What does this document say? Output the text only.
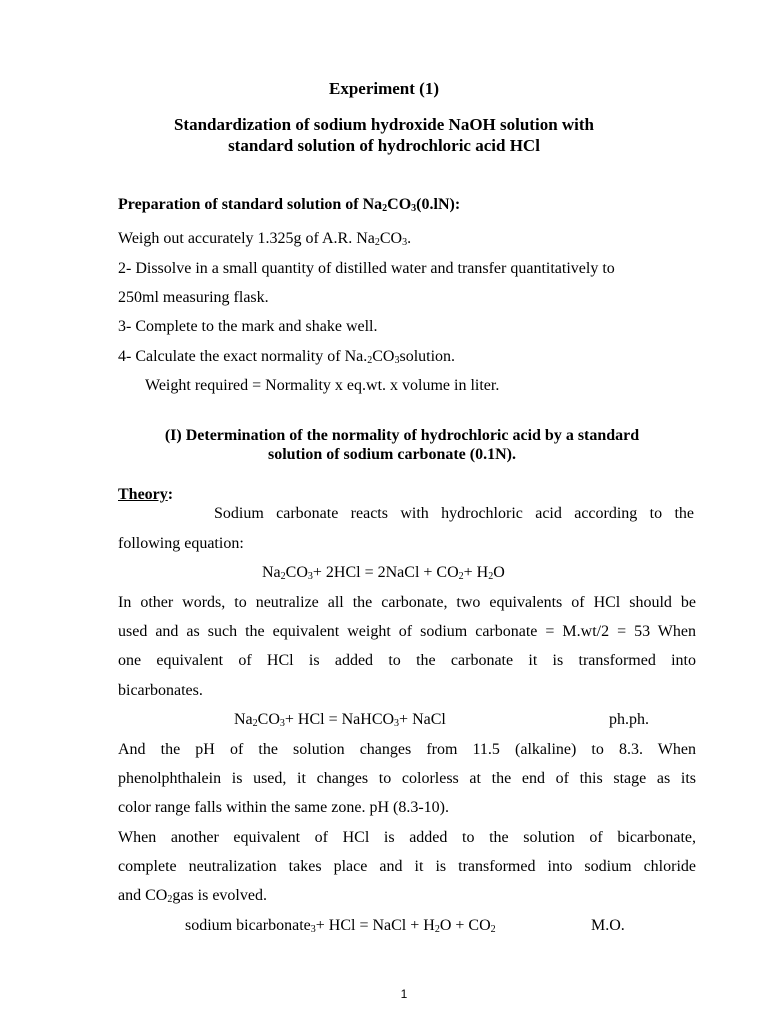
Experiment (1)
Standardization of sodium hydroxide NaOH solution with
standard solution of hydrochloric acid HCl
Preparation of standard solution of $Na_2CO_3(0.lN)$:
Weigh out accurately 1.325g of A.R. $Na_2CO_3$.
2- Dissolve in a small quantity of distilled water and transfer quantitatively to
250ml measuring flask.
3- Complete to the mark and shake well.
4- Calculate the exact normality of $Na._2CO_3solution$.
Weight required = Normality x eq.wt. x volume in liter.
(I) Determination of the normality of hydrochloric acid by a standard
solution of sodium carbonate (0.1N).
Theory:
Sodium carbonate reacts with hydrochloric acid according to the
following equation:
$Na_2CO_3+ 2HCl$ = 2NaCl + $CO_2+ H_2O$
In other words, to neutralize all the carbonate, two equivalents of HCl should be
used and as such the equivalent weight of sodium carbonate = M.wt/2 = 53 When
one equivalent of HCl is added to the carbonate it is transformed into
bicarbonates.
$Na_2CO_3+$ HCl = NaHCO$_3$+ NaCl	ph.ph.
And the pH of the solution changes from 11.5 (alkaline) to 8.3. When
phenolphthalein is used, it changes to colorless at the end of this stage as its
color range falls within the same zone. pH (8.3-10).
When another equivalent of HCl is added to the solution of bicarbonate,
complete neutralization takes place and it is transformed into sodium chloride
and $CO_2gas$ is evolved.
sodium bicarbonate$_3$+ HCl = NaCl + $H_2O + CO_2$	M.O.
1
